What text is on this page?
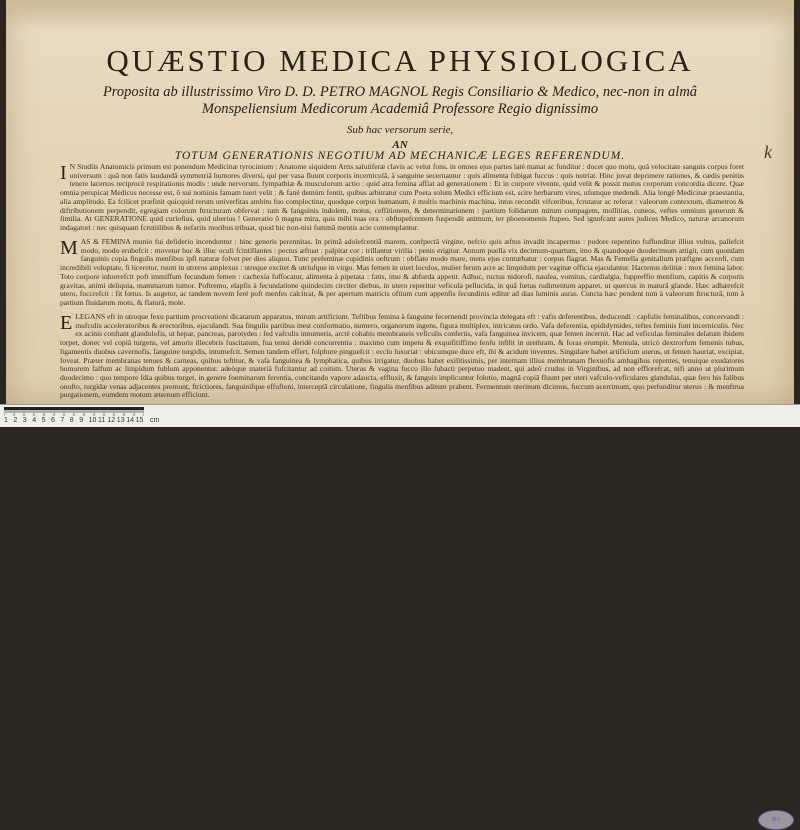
QUÆSTIO MEDICA PHYSIOLOGICA
Proposita ab illustrissimo Viro D. D. PETRO MAGNOL Regis Consiliario & Medico, nec-non in almâ Monspeliensium Medicorum Academiâ Professore Regio dignissimo
Sub hac versorum serie,
AN
TOTUM GENERATIONIS NEGOTIUM AD MECHANICÆ LEGES REFERENDUM.	k
I N Studiis Anatomicis primum est ponendum Medicinæ tyrocinium : Anatome siquidem Artis salutiferæ clavis ac velut fons, in omnes ejus partes latè manat ac funditur : docet quo motu, quâ velocitate sanguis corpus foret universum : quâ non fatis laudandâ symmetriâ humores diversi, qui per vasa fluunt corporis incerniculâ, à sanguine secernantur : quis alimenta fubigat fuccus : quis nutriat. Hinc juvat deprimere rationes, & cædis penitùs tenere lacertos reciprocè respirationis modis : unde nervorum, fympathiæ & musculorum actio : quid atra femina affiat ad generationem : Et in corpore vivente, quid velit & possit motus corporum concordia dicere. Quæ omnia perspicat Medicus necesse est, ô sui nominis famam tueri velit : & fanè demùm fentit, quibus arbitratur cum Poeta solum Medici efficium est, scire herbarum vires, ufumque medendi. Alia longè Medicinæ praestantia, alia amplitudo. Ea fcilicet præfinit quicquid rerum univerfitas ambitu fuo complectitur, quodque corpus humanum, è multis machinis machina, intus recondit vifceribus, fcrutatur ac referat : valeorum contextum, diametros & diftributionem perpendit, egregiam colorum ftructuram obfervat : tum & fanguinis indolem, motus, ceffitionem, & determinationem : partium folidarum mirum compagem, mollitias, cuneos, veftes omnium generum & fimilia. At GENERATIONE quid curiofius, quid uberius ! Generatio ô magna mira, quis mihi tuas ora : obftupefcentem fuspendit animum, ter phoenomenis ftupeo. Sed ignofcant aures judices Medico, naturæ arcanorum indagatori : nec quisquam fcrutiilibus & nefariis moribus tribuat, quod hic non-nisi fummâ mentis acie contemplantur.
M AS & FEMINA munio fui defiderio incenduntur : hinc generis perennitas. In primâ adolefcentiâ marem, confpectâ virgine, nefcio quis æftus invadit incaperttus : pudore repentino fuffunditur illius vultus, pallefcit modo, modo erubefcit : movetur huc & illuc oculi fcintillantes : pectus æftuat : palpitat cor : trillantur virilia : penis erigitur. Annum puella vix decimum-quartum, imo & quandoque duodecimum attigit, cum quondam fanguinis copia fingulis menfibus ipfi naturæ folvet per dies aliquot. Tunc prefeminæ cupidinis oeftrum : obflato modo mare, mens ejus conturbatur : corpus flagrat. Mas & Femella genitalium præfigne accenfi, cum incredibili voluptate, fi liceretur, ruunt in utreros amplexus : utreque excitet & utriufque in virgo. Mas femen in uteri loculos, mulier ferum acre ac limpidum per vaginæ officia ejaculantur. Hactenus delitiæ : mox femina labor. Toto corpore inhorrefcit poft immiffum fecundum femen : cachexia fuffocatur, alimenta à pipetata : fatis, imo & abfurda appetit. Adhuc, ructus nidorofi, naufea, vomitus, cardialgia, fuppreffio menfium, capitis & corporis gravitas, animi deliquia, mammarum tumor. Poftremo, elapfis à fecundatione quindecim circiter diebus, in utero reperitur veficula pellucida, in quâ fœtus rudimentum apparet, ut quercus in maturâ glande. Hæc adhærefcit utero, fuccrefcit : fit fœtus. Is augetur, ac tandem novem feré poft menfes calcitrat, & per apertum matricis oftium cum appenfis fecundinis editur ad dias luminis auras. Cuncta hæc pendent tum à valeorum ftructurâ, tum à partium fluidarum motu, & flaturâ, mole.
E LEGANS eft in utroque fexu partium procreationi dicatarum apparatus, mirum artificium. Teftibus femina à fanguine fecernendi provincia delegata eft : vafis deferentibus, deducendi : capfulis feminalibus, concervandi : mufculis acceleratoribus & erectoribus, ejaculandi. Sua fingulis partibus inest conformatio, numero, organorum ingens, figura multiplex, intricatus ordo. Vafa deferentia, epididymides, teftes feminis funt incerniculis. Nec ex acinis conftant glandulofis, ut hepar, pancreas, parotydes : fed vafculis innumeris, arctè cohabis membraneis veficulis confertis, vafa fanguinea invicem, quæ femen incernit. Hac ad veficulas feminales delatum ibidem torpet, donec vel copiâ turgens, vel amoris illecebris fuscitatum, fua tenui deridè concurrentia : maximo cum impetu & exquifitiffimo fenfu infilit in urethram, & foras erumpit. Mentula, utricò dextrorfum femenis tubus, ligamentis duobus cavernofis, fanguine turgidis, intumefcit. Semen tandem effert, folphure pinguefcit : ecclo luxuriat : ubicumque duce eft, ibi & acidum inventes. Singulare habet artificium uterus, ut femen hauriat, excipiat, foveat. Præter membranas tenues & carneas, quibus teftitur, & vafa fanguinea & lymphatica, quibus irrigatur, duobus habet exilitissimis, per internam illius membranam flexuofis ambagibus repentes, tenuique exudatores humorem falfum ac limpidum fublum apponentur. adeòque materià fufcitantur ad coitum. Uterus & vagina fucco illo fubacti perpetuo madent, qui adeò crudus in Virginibus, ad non efflorefcat, nifi anno ut plurimum duodecimo : quo tempore fdia quibus turget, in genere foeminarum ferentia, concitando vapore adaucta, effluxit, & fanguis implicuntur folutio, magnâ copiâ fluunt per uteri vafculo-veficulares glandulas, quæ fero his falibus onufto, turgidæ venas adjacentes premunt, ftrictiores, fanguinifque effufioni, interceptâ circulatione, fingulis menfibus aditum prabent. Fermentum uterinum dicimus, fuccum acerrimum, quo perfunditur uterus : & menftrua purgationem, eumdem motum æternum efficiunt.
1 2 3 4 5 6 7 8 9 10 11 12 13 14 15 cm
BIU
